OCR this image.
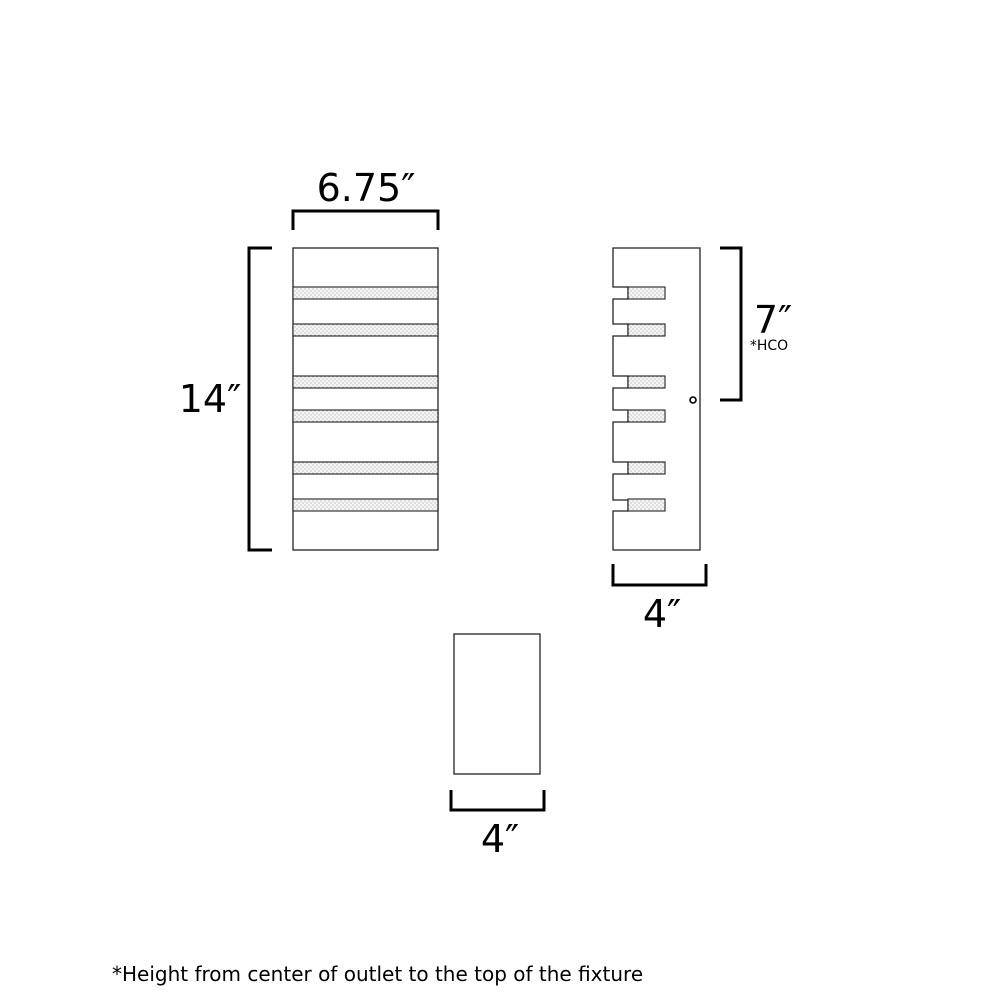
6.75″
14″
7″
*HCO
4″
4″
*Height from center of outlet to the top of the fixture
